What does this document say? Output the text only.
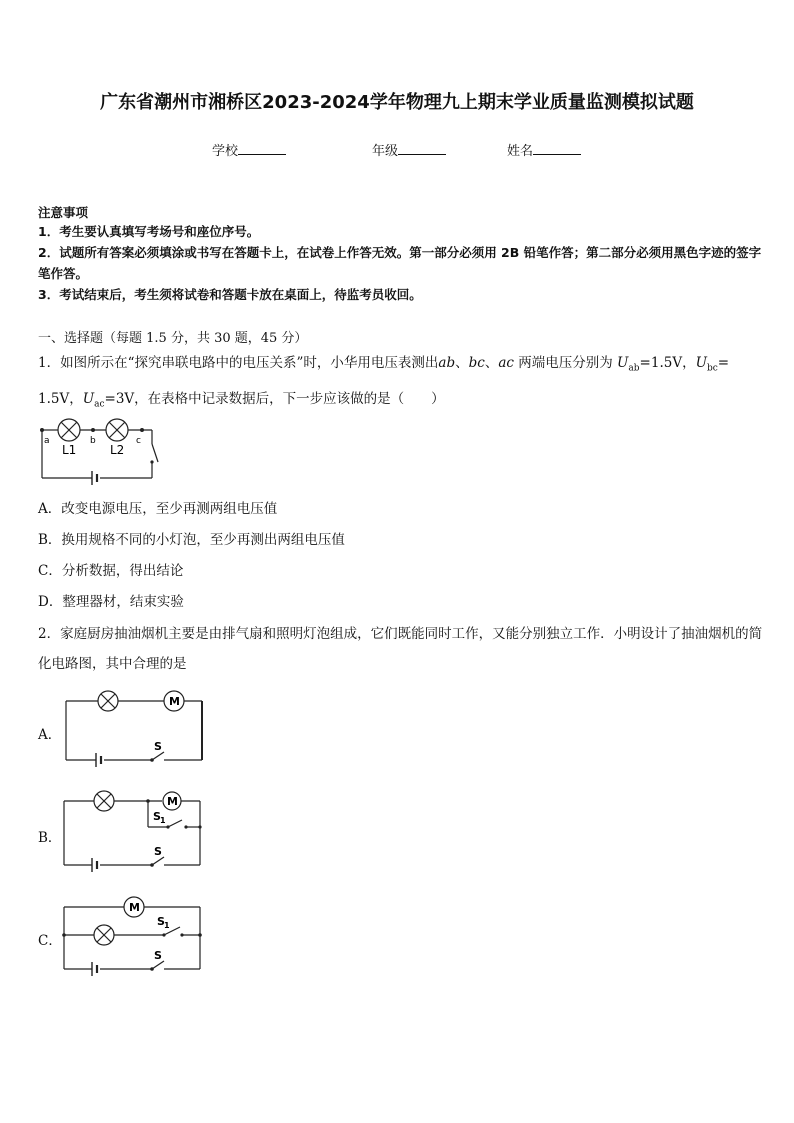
广东省潮州市湘桥区2023-2024学年物理九上期末学业质量监测模拟试题
学校	年级	姓名
注意事项
1．考生要认真填写考场号和座位序号。
2．试题所有答案必须填涂或书写在答题卡上，在试卷上作答无效。第一部分必须用 2B 铅笔作答；第二部分必须用黑色字迹的签字笔作答。
3．考试结束后，考生须将试卷和答题卡放在桌面上，待监考员收回。
一、选择题（每题 1.5 分，共 30 题，45 分）
1．如图所示在“探究串联电路中的电压关系”时，小华用电压表测出ab、bc、ac 两端电压分别为 $U_{ab}=1.5V$，$U_{bc}=$
1.5V，$U_{ac}=3V$，在表格中记录数据后，下一步应该做的是（　　）
a	b	c
L1	L2
A．改变电源电压，至少再测两组电压值
B．换用规格不同的小灯泡，至少再测出两组电压值
C．分析数据，得出结论
D．整理器材，结束实验
2．家庭厨房抽油烟机主要是由排气扇和照明灯泡组成，它们既能同时工作，又能分别独立工作．小明设计了抽油烟机的简化电路图，其中合理的是
A．
M
S
B．
M
S 1
S
C．
M
S 1
S
